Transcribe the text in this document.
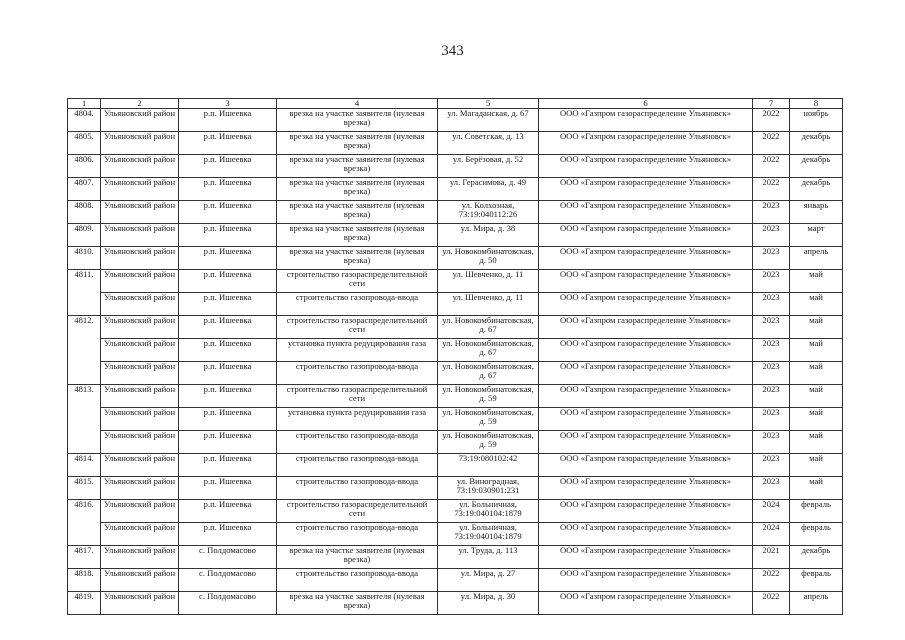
343
1	2	3	4	5	6	7	8
4804.	Ульяновский район	р.п. Ишеевка	врезка на участке заявителя (нулевая врезка)	ул. Магаданская, д. 67	ООО «Газпром газораспределение Ульяновск»	2022	ноябрь
4805.	Ульяновский район	р.п. Ишеевка	врезка на участке заявителя (нулевая врезка)	ул. Советская, д. 13	ООО «Газпром газораспределение Ульяновск»	2022	декабрь
4806.	Ульяновский район	р.п. Ишеевка	врезка на участке заявителя (нулевая врезка)	ул. Берёзовая, д. 52	ООО «Газпром газораспределение Ульяновск»	2022	декабрь
4807.	Ульяновский район	р.п. Ишеевка	врезка на участке заявителя (нулевая врезка)	ул. Герасимова, д. 49	ООО «Газпром газораспределение Ульяновск»	2022	декабрь
4808.	Ульяновский район	р.п. Ишеевка	врезка на участке заявителя (нулевая врезка)	ул. Колхозная, 73:19:040112:26	ООО «Газпром газораспределение Ульяновск»	2023	январь
4809.	Ульяновский район	р.п. Ишеевка	врезка на участке заявителя (нулевая врезка)	ул. Мира, д. 38	ООО «Газпром газораспределение Ульяновск»	2023	март
4810.	Ульяновский район	р.п. Ишеевка	врезка на участке заявителя (нулевая врезка)	ул. Новокомбинатовская, д. 50	ООО «Газпром газораспределение Ульяновск»	2023	апрель
4811.	Ульяновский район	р.п. Ишеевка	строительство газораспределительной сети	ул. Шевченко, д. 11	ООО «Газпром газораспределение Ульяновск»	2023	май
	Ульяновский район	р.п. Ишеевка	строительство газопровода-ввода	ул. Шевченко, д. 11	ООО «Газпром газораспределение Ульяновск»	2023	май
4812.	Ульяновский район	р.п. Ишеевка	строительство газораспределительной сети	ул. Новокомбинатовская, д. 67	ООО «Газпром газораспределение Ульяновск»	2023	май
	Ульяновский район	р.п. Ишеевка	установка пункта редуцирования газа	ул. Новокомбинатовская, д. 67	ООО «Газпром газораспределение Ульяновск»	2023	май
	Ульяновский район	р.п. Ишеевка	строительство газопровода-ввода	ул. Новокомбинатовская, д. 67	ООО «Газпром газораспределение Ульяновск»	2023	май
4813.	Ульяновский район	р.п. Ишеевка	строительство газораспределительной сети	ул. Новокомбинатовская, д. 59	ООО «Газпром газораспределение Ульяновск»	2023	май
	Ульяновский район	р.п. Ишеевка	установка пункта редуцирования газа	ул. Новокомбинатовская, д. 59	ООО «Газпром газораспределение Ульяновск»	2023	май
	Ульяновский район	р.п. Ишеевка	строительство газопровода-ввода	ул. Новокомбинатовская, д. 59	ООО «Газпром газораспределение Ульяновск»	2023	май
4814.	Ульяновский район	р.п. Ишеевка	строительство газопровода-ввода	73:19:080102:42	ООО «Газпром газораспределение Ульяновск»	2023	май
4815.	Ульяновский район	р.п. Ишеевка	строительство газопровода-ввода	ул. Виноградная, 73:19:030901:231	ООО «Газпром газораспределение Ульяновск»	2023	май
4816.	Ульяновский район	р.п. Ишеевка	строительство газораспределительной сети	ул. Больничная, 73:19:040104:1879	ООО «Газпром газораспределение Ульяновск»	2024	февраль
	Ульяновский район	р.п. Ишеевка	строительство газопровода-ввода	ул. Больничная, 73:19:040104:1879	ООО «Газпром газораспределение Ульяновск»	2024	февраль
4817.	Ульяновский район	с. Полдомасово	врезка на участке заявителя (нулевая врезка)	ул. Труда, д. 113	ООО «Газпром газораспределение Ульяновск»	2021	декабрь
4818.	Ульяновский район	с. Полдомасово	строительство газопровода-ввода	ул. Мира, д. 27	ООО «Газпром газораспределение Ульяновск»	2022	февраль
4819.	Ульяновский район	с. Полдомасово	врезка на участке заявителя (нулевая врезка)	ул. Мира, д. 30	ООО «Газпром газораспределение Ульяновск»	2022	апрель
